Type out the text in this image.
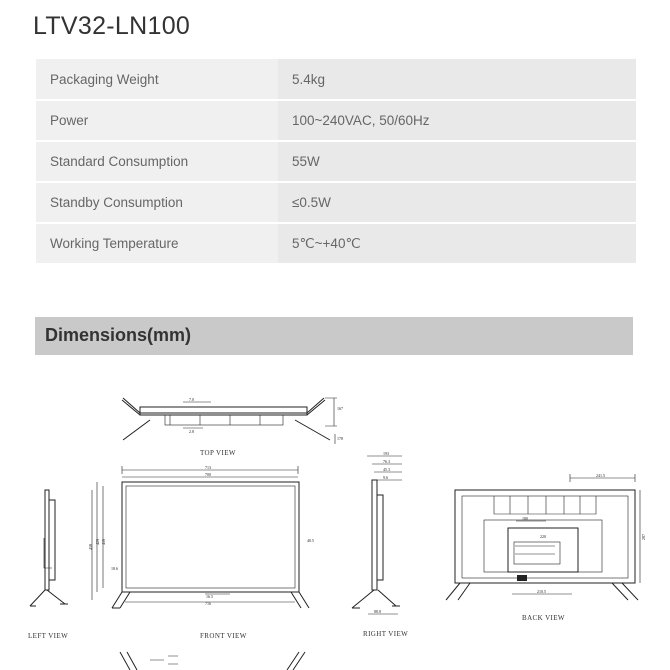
LTV32-LN100
Packaging Weight	5.4kg
Power	100~240VAC, 50/60Hz
Standard Consumption	55W
Standby Consumption	≤0.5W
Working Temperature	5℃~+40℃
Dimensions(mm)
7.0
2.8
167
178
TOP VIEW
713
700
458
429 416
16.5
716
18.6
40.5
FRONT VIEW
LEFT VIEW
193
76.3
45.3
9.6
88.8
RIGHT VIEW
241.5
287
180
220
210.5
BACK VIEW
